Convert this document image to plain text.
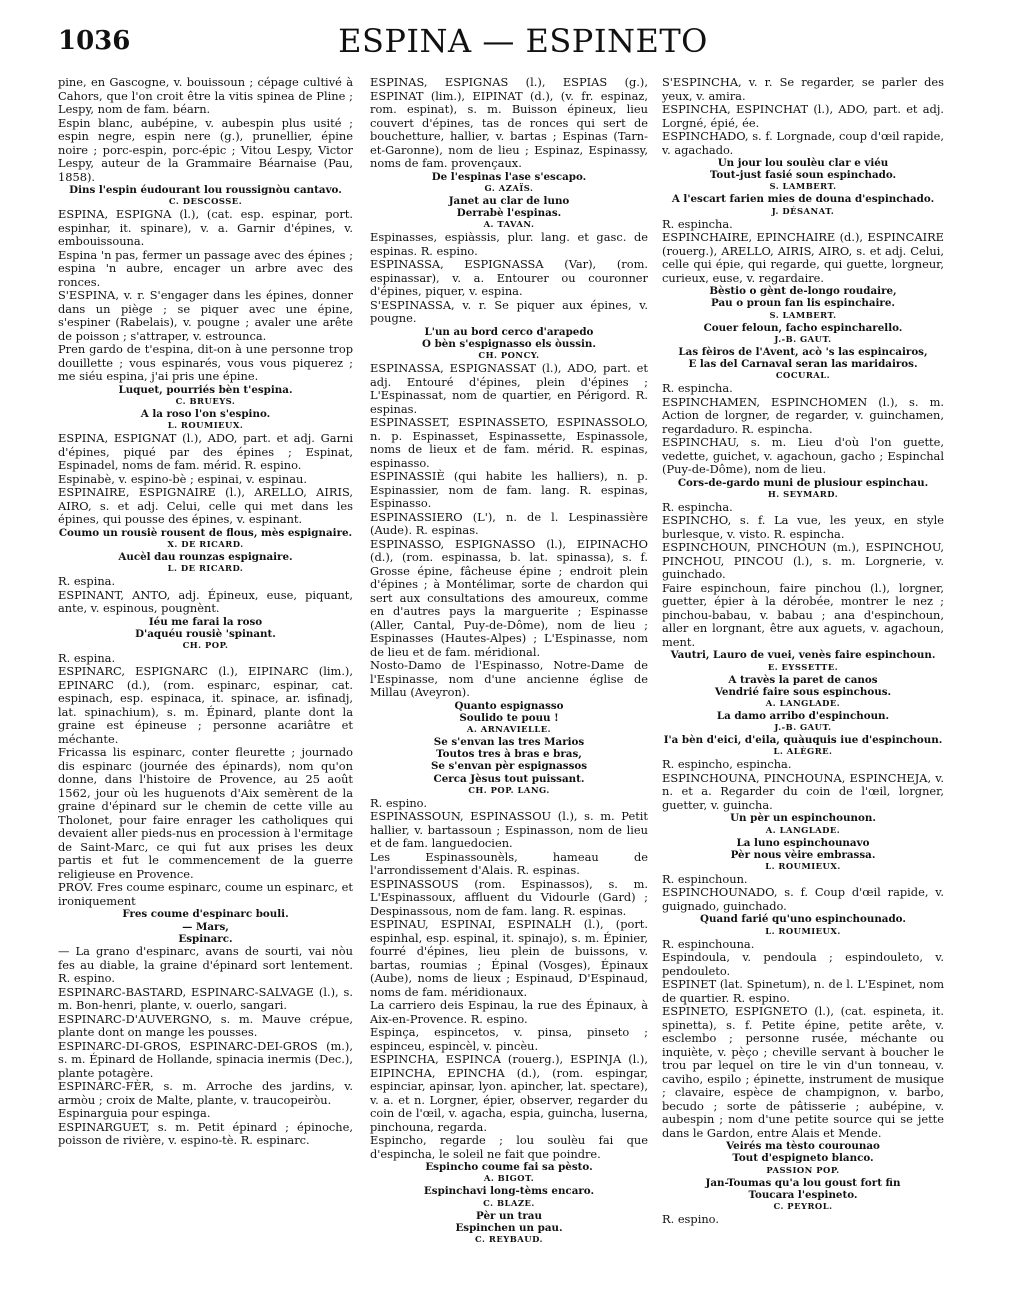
1036	ESPINA — ESPINETO

pine, en Gascogne, v. bouissoun ; cépage cultivé à Cahors, que l'on croit être la vitis spinea de Pline ; Lespy, nom de fam. béarn.

Espin blanc, aubépine, v. aubespin plus usité ; espin negre, espin nere (g.), prunellier, épine noire ; porc-espin, porc-épic ; Vitou Lespy, Victor Lespy, auteur de la Grammaire Béarnaise (Pau, 1858).

Dins l'espin éudourant lou roussignòu cantavo.
C. DESCOSSE.

ESPINA, ESPIGNA (l.), (cat. esp. espinar, port. espinhar, it. spinare), v. a. Garnir d'épines, v. embouissouna.

Espina 'n pas, fermer un passage avec des épines ; espina 'n aubre, encager un arbre avec des ronces.

S'ESPINA, v. r. S'engager dans les épines, donner dans un piège ; se piquer avec une épine, s'espiner (Rabelais), v. pougne ; avaler une arête de poisson ; s'attraper, v. estrounca.

Pren gardo de t'espina, dit-on à une personne trop douillette ; vous espinarés, vous vous piquerez ; me siéu espina, j'ai pris une épine.

Luquet, pourriés bèn t'espina.
C. BRUEYS.
A la roso l'on s'espino.
L. ROUMIEUX.

ESPINA, ESPIGNAT (l.), ADO, part. et adj. Garni d'épines, piqué par des épines ; Espinat, Espinadel, noms de fam. mérid. R. espino.

Espinabè, v. espino-bè ; espinai, v. espinau.

ESPINAIRE, ESPIGNAIRE (l.), ARELLO, AIRIS, AIRO, s. et adj. Celui, celle qui met dans les épines, qui pousse des épines, v. espinant.

Coumo un rousiè rousent de flous, mès espignaire.
X. DE RICARD.
Aucèl dau rounzas espignaire.
L. DE RICARD.

R. espina.

ESPINANT, ANTO, adj. Épineux, euse, piquant, ante, v. espinous, pougnènt.

Iéu me farai la roso
D'aquéu rousiè 'spinant.
CH. POP.

R. espina.

ESPINARC, ESPIGNARC (l.), EIPINARC (lim.), EPINARC (d.), (rom. espinarc, espinar, cat. espinach, esp. espinaca, it. spinace, ar. isfinadj, lat. spinachium), s. m. Épinard, plante dont la graine est épineuse ; personne acariâtre et méchante.

Fricassa lis espinarc, conter fleurette ; journado dis espinarc (journée des épinards), nom qu'on donne, dans l'histoire de Provence, au 25 août 1562, jour où les huguenots d'Aix semèrent de la graine d'épinard sur le chemin de cette ville au Tholonet, pour faire enrager les catholiques qui devaient aller pieds-nus en procession à l'ermitage de Saint-Marc, ce qui fut aux prises les deux partis et fut le commencement de la guerre religieuse en Provence.

PROV. Fres coume espinarc, coume un espinarc, et ironiquement

Fres coume d'espinarc bouli.
— Mars,
Espinarc.

— La grano d'espinarc, avans de sourti, vai nòu fes au diable, la graine d'épinard sort lentement. R. espino.

ESPINARC-BASTARD, ESPINARC-SALVAGE (l.), s. m. Bon-henri, plante, v. ouerlo, sangari.

ESPINARC-D'AUVERGNO, s. m. Mauve crépue, plante dont on mange les pousses.

ESPINARC-DI-GROS, ESPINARC-DEI-GROS (m.), s. m. Épinard de Hollande, spinacia inermis (Dec.), plante potagère.

ESPINARC-FÈR, s. m. Arroche des jardins, v. armòu ; croix de Malte, plante, v. traucopeiròu.

Espinarguia pour espinga.

ESPINARGUET, s. m. Petit épinard ; épinoche, poisson de rivière, v. espino-tè. R. espinarc.

ESPINAS, ESPIGNAS (l.), ESPIAS (g.), ESPINAT (lim.), EIPINAT (d.), (v. fr. espinaz, rom. espinat), s. m. Buisson épineux, lieu couvert d'épines, tas de ronces qui sert de bouchetture, hallier, v. bartas ; Espinas (Tarn-et-Garonne), nom de lieu ; Espinaz, Espinassy, noms de fam. provençaux.

De l'espinas l'ase s'escapo.
G. AZAÏS.
Janet au clar de luno
Derrabè l'espinas.
A. TAVAN.

Espinasses, espiàssis, plur. lang. et gasc. de espinas. R. espino.

ESPINASSA, ESPIGNASSA (Var), (rom. espinassar), v. a. Entourer ou couronner d'épines, piquer, v. espina.

S'ESPINASSA, v. r. Se piquer aux épines, v. pougne.

L'un au bord cerco d'arapedo
O bèn s'espignasso els òussin.
CH. PONCY.

ESPINASSA, ESPIGNASSAT (l.), ADO, part. et adj. Entouré d'épines, plein d'épines ; L'Espinassat, nom de quartier, en Périgord. R. espinas.

ESPINASSET, ESPINASSETO, ESPINASSOLO, n. p. Espinasset, Espinassette, Espinassole, noms de lieux et de fam. mérid. R. espinas, espinasso.

ESPINASSIÈ (qui habite les halliers), n. p. Espinassier, nom de fam. lang. R. espinas, Espinasso.

ESPINASSIERO (L'), n. de l. Lespinassière (Aude). R. espinas.

ESPINASSO, ESPIGNASSO (l.), EIPINACHO (d.), (rom. espinassa, b. lat. spinassa), s. f. Grosse épine, fâcheuse épine ; endroit plein d'épines ; à Montélimar, sorte de chardon qui sert aux consultations des amoureux, comme en d'autres pays la marguerite ; Espinasse (Aller, Cantal, Puy-de-Dôme), nom de lieu ; Espinasses (Hautes-Alpes) ; L'Espinasse, nom de lieu et de fam. méridional.

Nosto-Damo de l'Espinasso, Notre-Dame de l'Espinasse, nom d'une ancienne église de Millau (Aveyron).

Quanto espignasso
Soulido te pouu !
A. ARNAVIELLE.
Se s'envan las tres Marios
Toutos tres à bras e bras,
Se s'envan pèr espignassos
Cerca Jèsus tout puissant.
CH. POP. LANG.

R. espino.

ESPINASSOUN, ESPINASSOU (l.), s. m. Petit hallier, v. bartassoun ; Espinasson, nom de lieu et de fam. languedocien.

Les Espinassounèls, hameau de l'arrondissement d'Alais. R. espinas.

ESPINASSOUS (rom. Espinassos), s. m. L'Espinassoux, affluent du Vidourle (Gard) ; Despinassous, nom de fam. lang. R. espinas.

ESPINAU, ESPINAI, ESPINALH (l.), (port. espinhal, esp. espinal, it. spinajo), s. m. Épinier, fourré d'épines, lieu plein de buissons, v. bartas, roumias ; Épinal (Vosges), Épinaux (Aube), noms de lieux ; Espinaud, D'Espinaud, noms de fam. méridionaux.

La carriero deis Espinau, la rue des Épinaux, à Aix-en-Provence. R. espino.

Espinça, espincetos, v. pinsa, pinseto ; espinceu, espincèl, v. pincèu.

ESPINCHA, ESPINCA (rouerg.), ESPINJA (l.), EIPINCHA, EPINCHA (d.), (rom. espingar, espinciar, apinsar, lyon. apincher, lat. spectare), v. a. et n. Lorgner, épier, observer, regarder du coin de l'œil, v. agacha, espia, guincha, luserna, pinchouna, regarda.

Espincho, regarde ; lou soulèu fai que d'espincha, le soleil ne fait que poindre.

Espincho coume fai sa pèsto.
A. BIGOT.
Espinchavi long-tèms encaro.
C. BLAZE.
Pèr un trau
Espinchen un pau.
C. REYBAUD.

S'ESPINCHA, v. r. Se regarder, se parler des yeux, v. amira.

ESPINCHA, ESPINCHAT (l.), ADO, part. et adj. Lorgné, épié, ée.

ESPINCHADO, s. f. Lorgnade, coup d'œil rapide, v. agachado.

Un jour lou soulèu clar e viéu
Tout-just fasié soun espinchado.
S. LAMBERT.
A l'escart farien mies de douna d'espinchado.
J. DÉSANAT.

R. espincha.

ESPINCHAIRE, EPINCHAIRE (d.), ESPINCAIRE (rouerg.), ARELLO, AIRIS, AIRO, s. et adj. Celui, celle qui épie, qui regarde, qui guette, lorgneur, curieux, euse, v. regardaire.

Bèstio o gènt de-longo roudaire,
Pau o proun fan lis espinchaire.
S. LAMBERT.
Couer feloun, facho espincharello.
J.-B. GAUT.
Las fèiros de l'Avent, acò 's las espincairos,
E las del Carnaval seran las maridairos.
COCURAL.

R. espincha.

ESPINCHAMEN, ESPINCHOMEN (l.), s. m. Action de lorgner, de regarder, v. guinchamen, regardaduro. R. espincha.

ESPINCHAU, s. m. Lieu d'où l'on guette, vedette, guichet, v. agachoun, gacho ; Espinchal (Puy-de-Dôme), nom de lieu.

Cors-de-gardo muni de plusiour espinchau.
H. SEYMARD.

R. espincha.

ESPINCHO, s. f. La vue, les yeux, en style burlesque, v. visto. R. espincha.

ESPINCHOUN, PINCHOUN (m.), ESPINCHOU, PINCHOU, PINCOU (l.), s. m. Lorgnerie, v. guinchado.

Faire espinchoun, faire pinchou (l.), lorgner, guetter, épier à la dérobée, montrer le nez ; pinchou-babau, v. babau ; ana d'espinchoun, aller en lorgnant, être aux aguets, v. agachoun, ment.

Vautri, Lauro de vuei, venès faire espinchoun.
E. EYSSETTE.
A travès la paret de canos
Vendrié faire sous espinchous.
A. LANGLADE.
La damo arribo d'espinchoun.
J.-B. GAUT.
I'a bèn d'eici, d'eila, quàuquis iue d'espinchoun.
L. ALÈGRE.

R. espincho, espincha.

ESPINCHOUNA, PINCHOUNA, ESPINCHEJA, v. n. et a. Regarder du coin de l'œil, lorgner, guetter, v. guincha.

Un pèr un espinchounon.
A. LANGLADE.
La luno espinchounavo
Pèr nous vèire embrassa.
L. ROUMIEUX.

R. espinchoun.

ESPINCHOUNADO, s. f. Coup d'œil rapide, v. guignado, guinchado.

Quand farié qu'uno espinchounado.
L. ROUMIEUX.

R. espinchouna.

Espindoula, v. pendoula ; espindouleto, v. pendouleto.

ESPINET (lat. Spinetum), n. de l. L'Espinet, nom de quartier. R. espino.

ESPINETO, ESPIGNETO (l.), (cat. espineta, it. spinetta), s. f. Petite épine, petite arête, v. esclembo ; personne rusée, méchante ou inquiète, v. pèço ; cheville servant à boucher le trou par lequel on tire le vin d'un tonneau, v. caviho, espilo ; épinette, instrument de musique ; clavaire, espèce de champignon, v. barbo, becudo ; sorte de pâtisserie ; aubépine, v. aubespin ; nom d'une petite source qui se jette dans le Gardon, entre Alais et Mende.

Veirés ma tèsto courounao
Tout d'espigneto blanco.
PASSION POP.
Jan-Toumas qu'a lou goust fort fin
Toucara l'espineto.
C. PEYROL.

R. espino.
